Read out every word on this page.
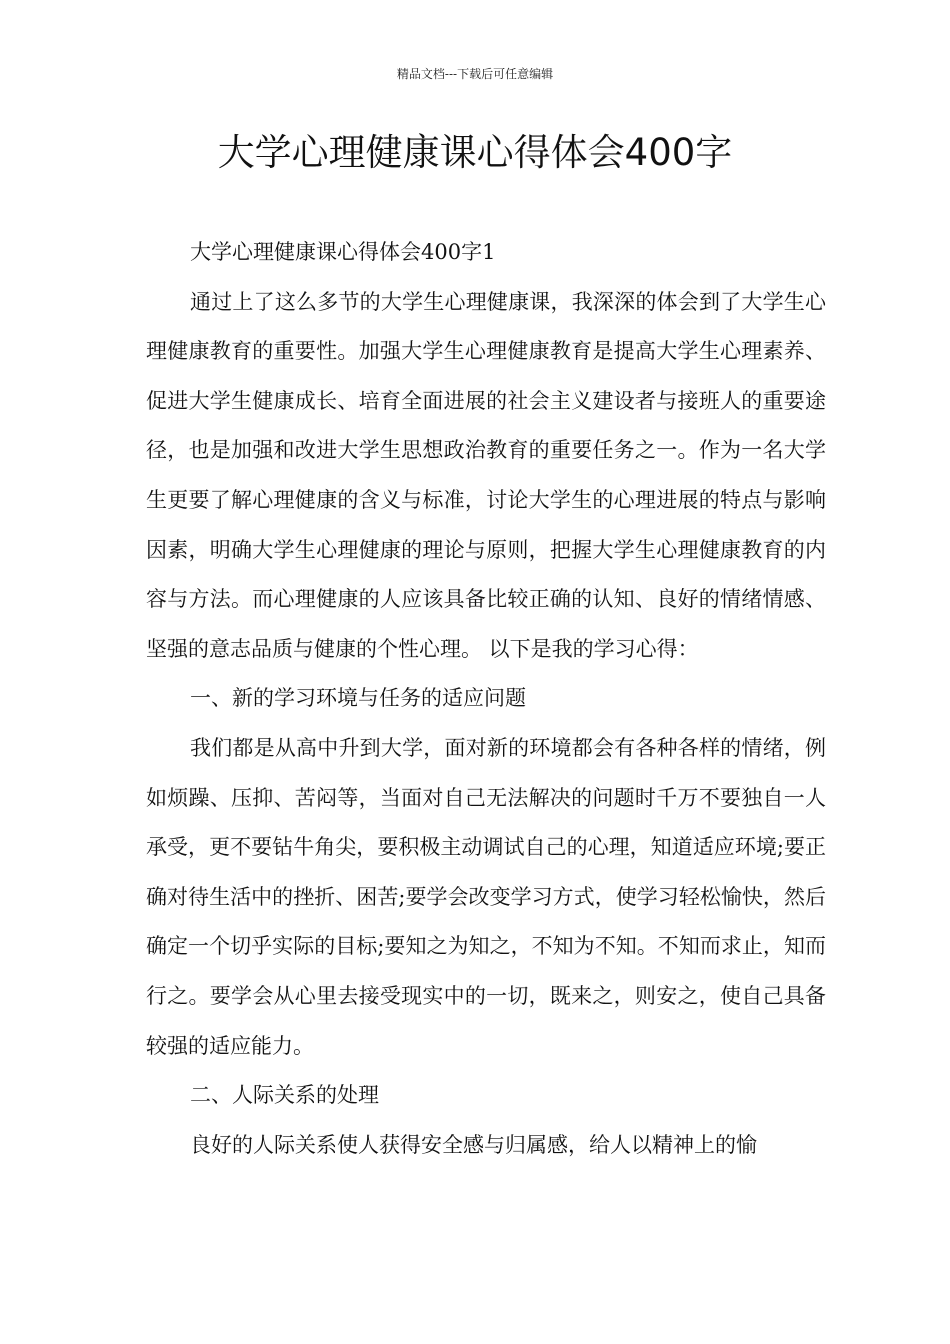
精品文档---下载后可任意编辑
大学心理健康课心得体会400字

大学心理健康课心得体会400字1

通过上了这么多节的大学生心理健康课，我深深的体会到了大学生心理健康教育的重要性。加强大学生心理健康教育是提高大学生心理素养、促进大学生健康成长、培育全面进展的社会主义建设者与接班人的重要途径，也是加强和改进大学生思想政治教育的重要任务之一。作为一名大学生更要了解心理健康的含义与标准，讨论大学生的心理进展的特点与影响因素，明确大学生心理健康的理论与原则，把握大学生心理健康教育的内容与方法。而心理健康的人应该具备比较正确的认知、良好的情绪情感、坚强的意志品质与健康的个性心理。 以下是我的学习心得：

一、新的学习环境与任务的适应问题

我们都是从高中升到大学，面对新的环境都会有各种各样的情绪，例如烦躁、压抑、苦闷等，当面对自己无法解决的问题时千万不要独自一人承受，更不要钻牛角尖，要积极主动调试自己的心理，知道适应环境;要正确对待生活中的挫折、困苦;要学会改变学习方式，使学习轻松愉快，然后确定一个切乎实际的目标;要知之为知之，不知为不知。不知而求止，知而行之。要学会从心里去接受现实中的一切，既来之，则安之，使自己具备较强的适应能力。

二、人际关系的处理

良好的人际关系使人获得安全感与归属感，给人以精神上的愉
